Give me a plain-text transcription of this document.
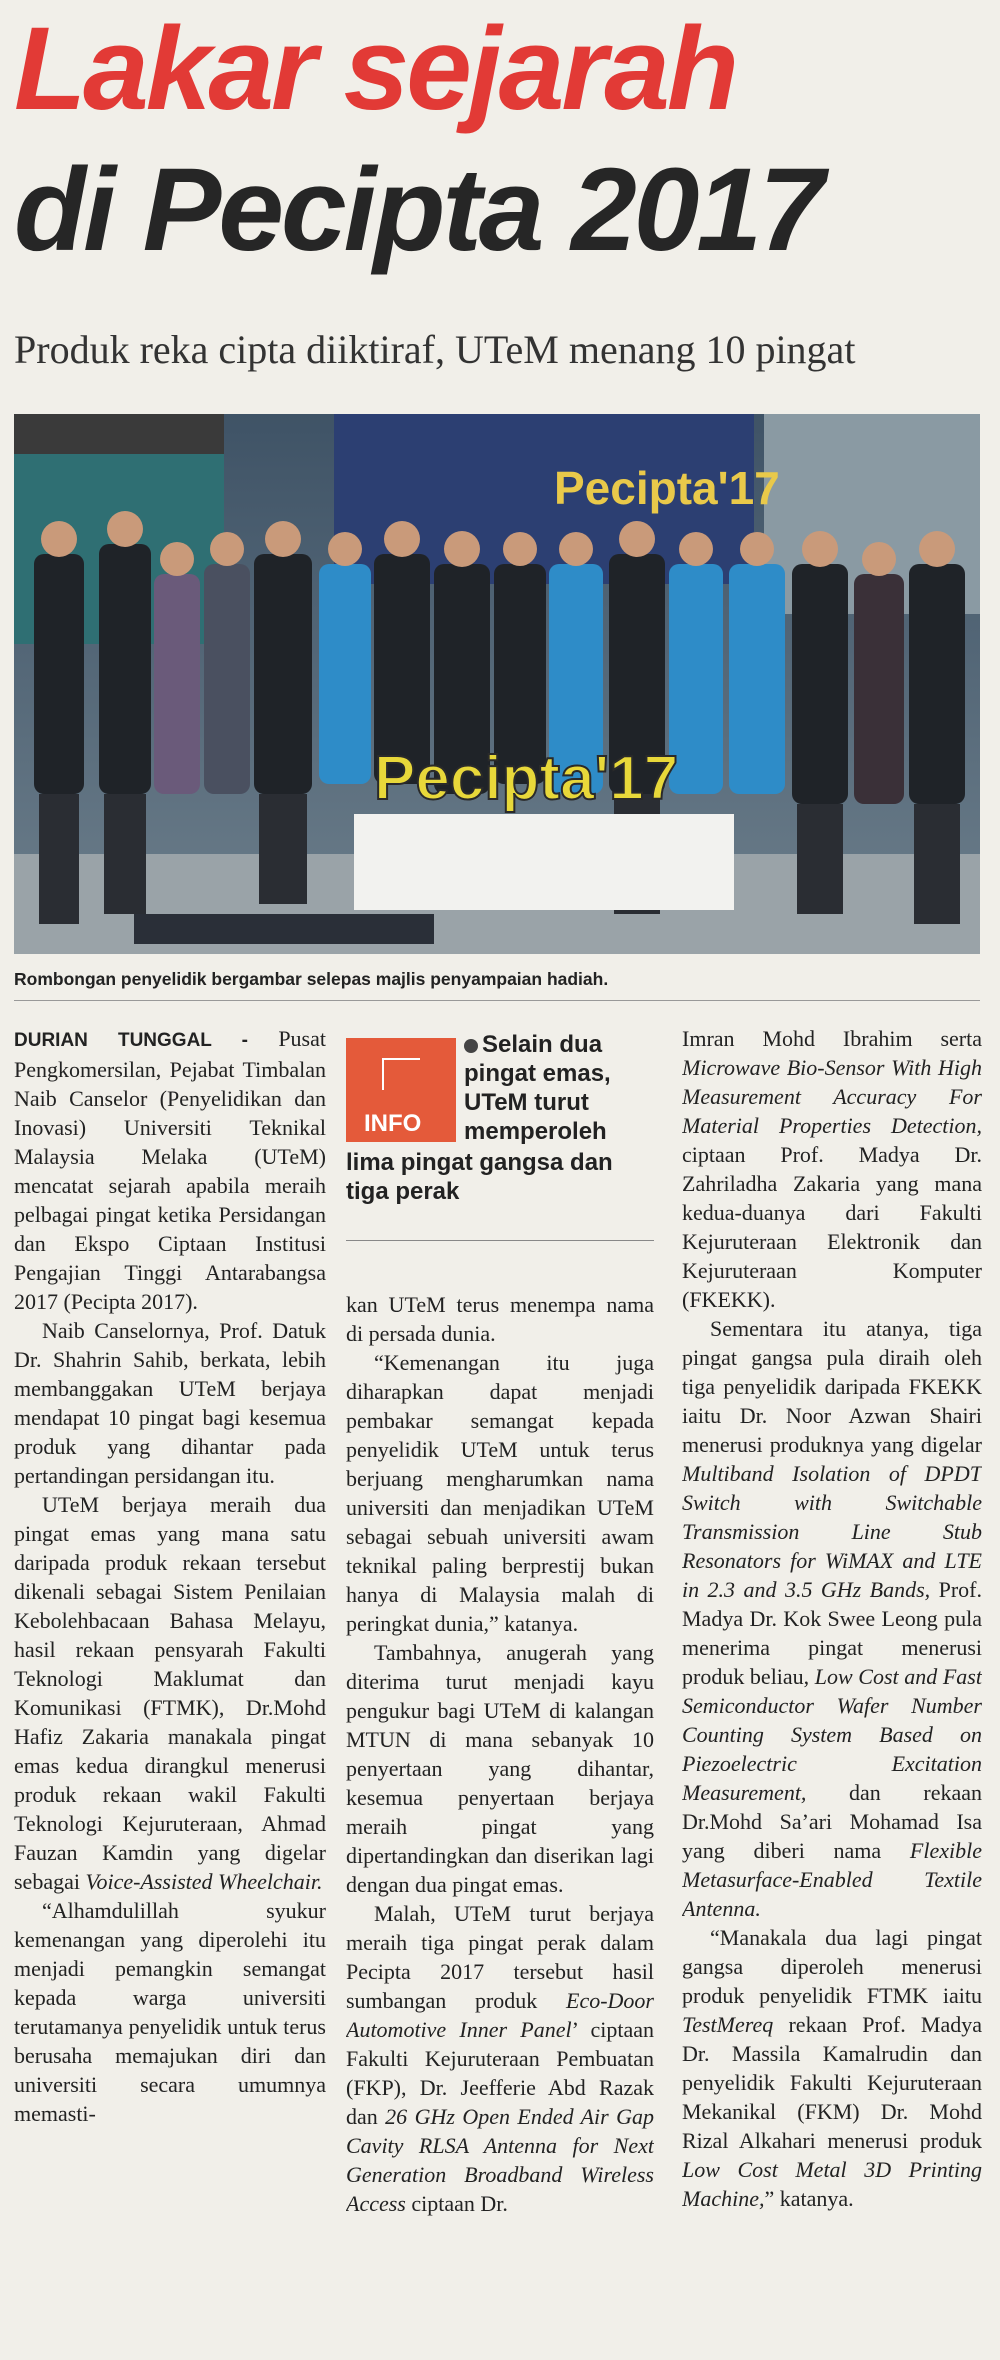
Lakar sejarah
di Pecipta 2017
Produk reka cipta diiktiraf, UTeM menang 10 pingat
Pecipta'17
Pecipta'17
Rombongan penyelidik bergambar selepas majlis penyampaian hadiah.

DURIAN TUNGGAL - Pusat Pengkomersilan, Pejabat Timbalan Naib Canselor (Penyelidikan dan Inovasi) Universiti Teknikal Malaysia Melaka (UTeM) mencatat sejarah apabila meraih pelbagai pingat ketika Persidangan dan Ekspo Ciptaan Institusi Pengajian Tinggi Antarabangsa 2017 (Pecipta 2017).

Naib Canselornya, Prof. Datuk Dr. Shahrin Sahib, berkata, lebih membanggakan UTeM berjaya mendapat 10 pingat bagi kesemua produk yang dihantar pada pertandingan persidangan itu.

UTeM berjaya meraih dua pingat emas yang mana satu daripada produk rekaan tersebut dikenali sebagai Sistem Penilaian Kebolehbacaan Bahasa Melayu, hasil rekaan pensyarah Fakulti Teknologi Maklumat dan Komunikasi (FTMK), Dr.Mohd Hafiz Zakaria manakala pingat emas kedua dirangkul menerusi produk rekaan wakil Fakulti Teknologi Kejuruteraan, Ahmad Fauzan Kamdin yang digelar sebagai Voice-Assisted Wheelchair.

“Alhamdulillah syukur kemenangan yang diperolehi itu menjadi pemangkin semangat kepada warga universiti terutamanya penyelidik untuk terus berusaha memajukan diri dan universiti secara umumnya memasti-

INFO
Selain dua
pingat emas,
UTeM turut
memperoleh
lima pingat gangsa dan
tiga perak

kan UTeM terus menempa nama di persada dunia.

“Kemenangan itu juga diharapkan dapat menjadi pembakar semangat kepada penyelidik UTeM untuk terus berjuang mengharumkan nama universiti dan menjadikan UTeM sebagai sebuah universiti awam teknikal paling berprestij bukan hanya di Malaysia malah di peringkat dunia,” katanya.

Tambahnya, anugerah yang diterima turut menjadi kayu pengukur bagi UTeM di kalangan MTUN di mana sebanyak 10 penyertaan yang dihantar, kesemua penyertaan berjaya meraih pingat yang dipertandingkan dan diserikan lagi dengan dua pingat emas.

Malah, UTeM turut berjaya meraih tiga pingat perak dalam Pecipta 2017 tersebut hasil sumbangan produk Eco-Door Automotive Inner Panel’ ciptaan Fakulti Kejuruteraan Pembuatan (FKP), Dr. Jeefferie Abd Razak dan 26 GHz Open Ended Air Gap Cavity RLSA Antenna for Next Generation Broadband Wireless Access ciptaan Dr.

Imran Mohd Ibrahim serta Microwave Bio-Sensor With High Measurement Accuracy For Material Properties Detection, ciptaan Prof. Madya Dr. Zahriladha Zakaria yang mana kedua-duanya dari Fakulti Kejuruteraan Elektronik dan Kejuruteraan Komputer (FKEKK).

Sementara itu atanya, tiga pingat gangsa pula diraih oleh tiga penyelidik daripada FKEKK iaitu Dr. Noor Azwan Shairi menerusi produknya yang digelar Multiband Isolation of DPDT Switch with Switchable Transmission Line Stub Resonators for WiMAX and LTE in 2.3 and 3.5 GHz Bands, Prof. Madya Dr. Kok Swee Leong pula menerima pingat menerusi produk beliau, Low Cost and Fast Semiconductor Wafer Number Counting System Based on Piezoelectric Excitation Measurement, dan rekaan Dr.Mohd Sa’ari Mohamad Isa yang diberi nama Flexible Metasurface-Enabled Textile Antenna.

“Manakala dua lagi pingat gangsa diperoleh menerusi produk penyelidik FTMK iaitu TestMereq rekaan Prof. Madya Dr. Massila Kamalrudin dan penyelidik Fakulti Kejuruteraan Mekanikal (FKM) Dr. Mohd Rizal Alkahari menerusi produk Low Cost Metal 3D Printing Machine,” katanya.
